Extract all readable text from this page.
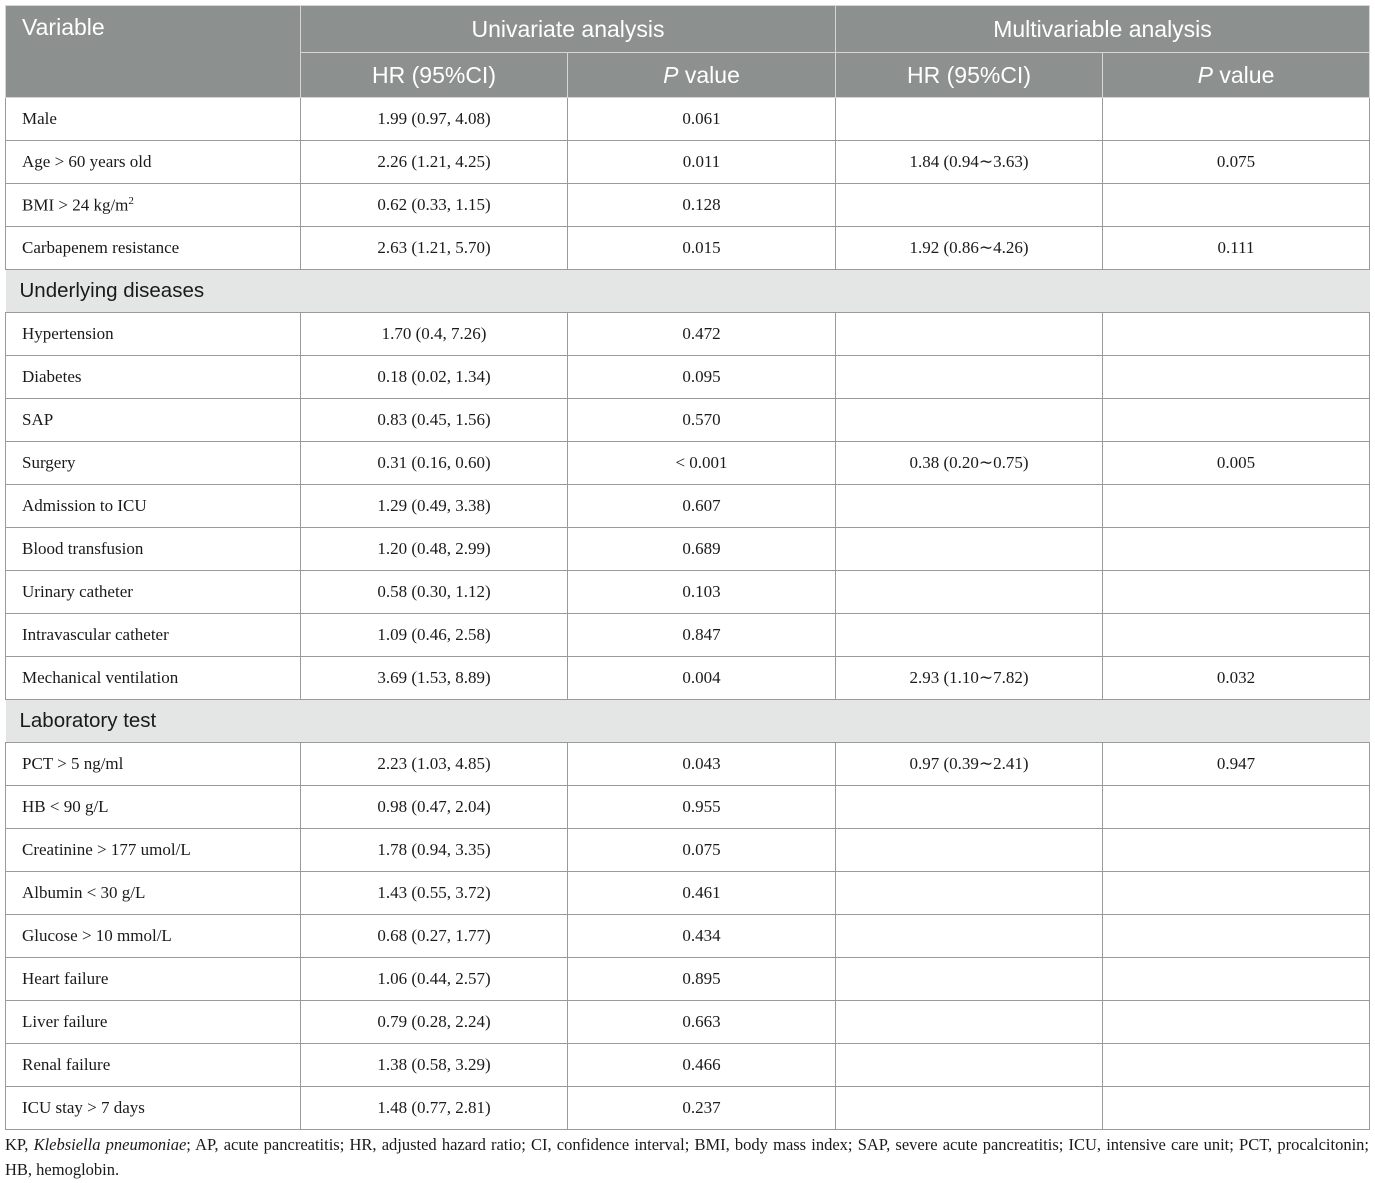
Variable	Univariate analysis		Multivariable analysis	
	HR (95%CI)	P value	HR (95%CI)	P value
Male	1.99 (0.97, 4.08)	0.061		
Age > 60 years old	2.26 (1.21, 4.25)	0.011	1.84 (0.94∼3.63)	0.075
BMI > 24 $kg/m^2$	0.62 (0.33, 1.15)	0.128		
Carbapenem resistance	2.63 (1.21, 5.70)	0.015	1.92 (0.86∼4.26)	0.111
Underlying diseases				
Hypertension	1.70 (0.4, 7.26)	0.472		
Diabetes	0.18 (0.02, 1.34)	0.095		
SAP	0.83 (0.45, 1.56)	0.570		
Surgery	0.31 (0.16, 0.60)	< 0.001	0.38 (0.20∼0.75)	0.005
Admission to ICU	1.29 (0.49, 3.38)	0.607		
Blood transfusion	1.20 (0.48, 2.99)	0.689		
Urinary catheter	0.58 (0.30, 1.12)	0.103		
Intravascular catheter	1.09 (0.46, 2.58)	0.847		
Mechanical ventilation	3.69 (1.53, 8.89)	0.004	2.93 (1.10∼7.82)	0.032
Laboratory test				
PCT > 5 ng/ml	2.23 (1.03, 4.85)	0.043	0.97 (0.39∼2.41)	0.947
HB < 90 g/L	0.98 (0.47, 2.04)	0.955		
Creatinine > 177 umol/L	1.78 (0.94, 3.35)	0.075		
Albumin < 30 g/L	1.43 (0.55, 3.72)	0.461		
Glucose > 10 mmol/L	0.68 (0.27, 1.77)	0.434		
Heart failure	1.06 (0.44, 2.57)	0.895		
Liver failure	0.79 (0.28, 2.24)	0.663		
Renal failure	1.38 (0.58, 3.29)	0.466		
ICU stay > 7 days	1.48 (0.77, 2.81)	0.237		
KP, Klebsiella pneumoniae; AP, acute pancreatitis; HR, adjusted hazard ratio; CI, confidence interval; BMI, body mass index; SAP, severe acute pancreatitis; ICU, intensive care unit; PCT, procalcitonin; HB, hemoglobin.
